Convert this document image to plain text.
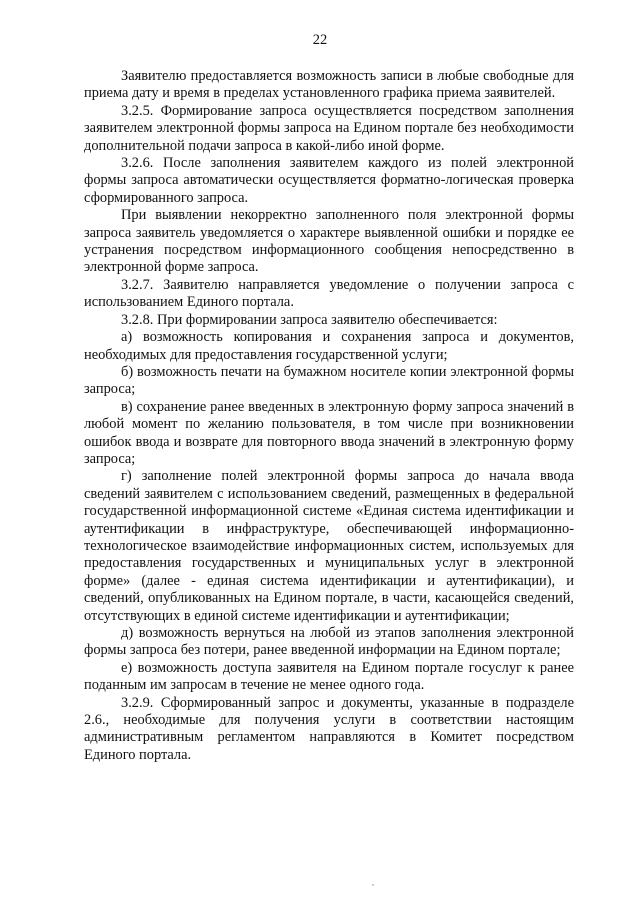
22

Заявителю предоставляется возможность записи в любые свободные для приема дату и время в пределах установленного графика приема заявителей.

3.2.5. Формирование запроса осуществляется посредством заполнения заявителем электронной формы запроса на Едином портале без необходимости дополнительной подачи запроса в какой-либо иной форме.

3.2.6. После заполнения заявителем каждого из полей электронной формы запроса автоматически осуществляется форматно-логическая проверка сформированного запроса.

При выявлении некорректно заполненного поля электронной формы запроса заявитель уведомляется о характере выявленной ошибки и порядке ее устранения посредством информационного сообщения непосредственно в электронной форме запроса.

3.2.7. Заявителю направляется уведомление о получении запроса с использованием Единого портала.

3.2.8. При формировании запроса заявителю обеспечивается:

а) возможность копирования и сохранения запроса и документов, необходимых для предоставления государственной услуги;

б) возможность печати на бумажном носителе копии электронной формы запроса;

в) сохранение ранее введенных в электронную форму запроса значений в любой момент по желанию пользователя, в том числе при возникновении ошибок ввода и возврате для повторного ввода значений в электронную форму запроса;

г) заполнение полей электронной формы запроса до начала ввода сведений заявителем с использованием сведений, размещенных в федеральной государственной информационной системе «Единая система идентификации и аутентификации в инфраструктуре, обеспечивающей информационно-технологическое взаимодействие информационных систем, используемых для предоставления государственных и муниципальных услуг в электронной форме» (далее - единая система идентификации и аутентификации), и сведений, опубликованных на Едином портале, в части, касающейся сведений, отсутствующих в единой системе идентификации и аутентификации;

д) возможность вернуться на любой из этапов заполнения электронной формы запроса без потери, ранее введенной информации на Едином портале;

е) возможность доступа заявителя на Едином портале госуслуг к ранее поданным им запросам в течение не менее одного года.

3.2.9. Сформированный запрос и документы, указанные в подразделе 2.6., необходимые для получения услуги в соответствии настоящим административным регламентом направляются в Комитет посредством Единого портала.
